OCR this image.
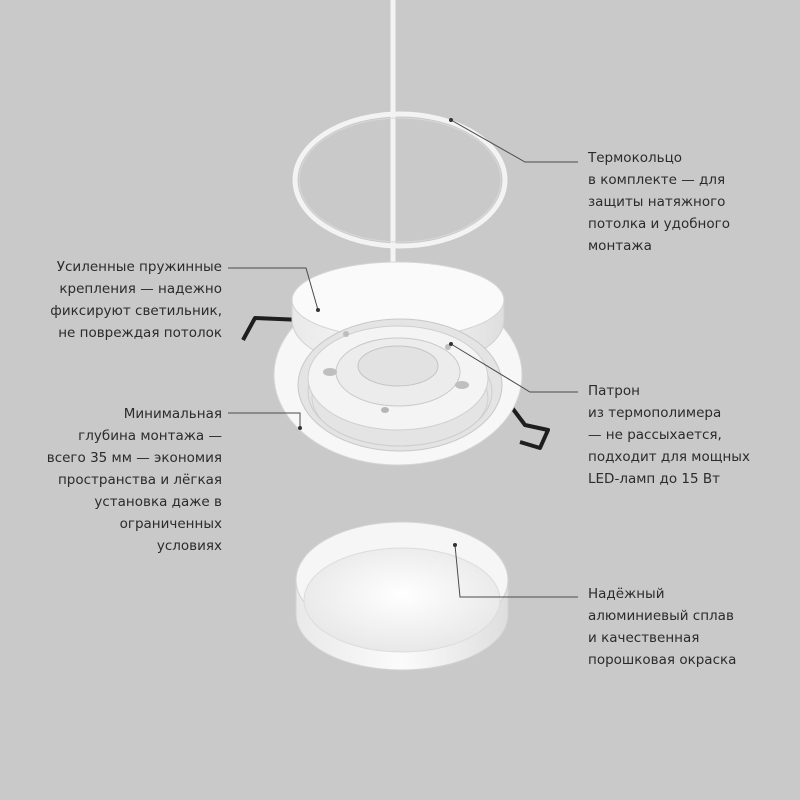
Термокольцо
в комплекте — для
защиты натяжного
потолка и удобного
монтажа
Патрон
из термополимера
— не рассыхается,
подходит для мощных
LED-ламп до 15 Вт
Надёжный
алюминиевый сплав
и качественная
порошковая окраска
Усиленные пружинные
крепления — надежно
фиксируют светильник,
не повреждая потолок
Минимальная
глубина монтажа —
всего 35 мм — экономия
пространства и лёгкая
установка даже в
ограниченных
условиях
